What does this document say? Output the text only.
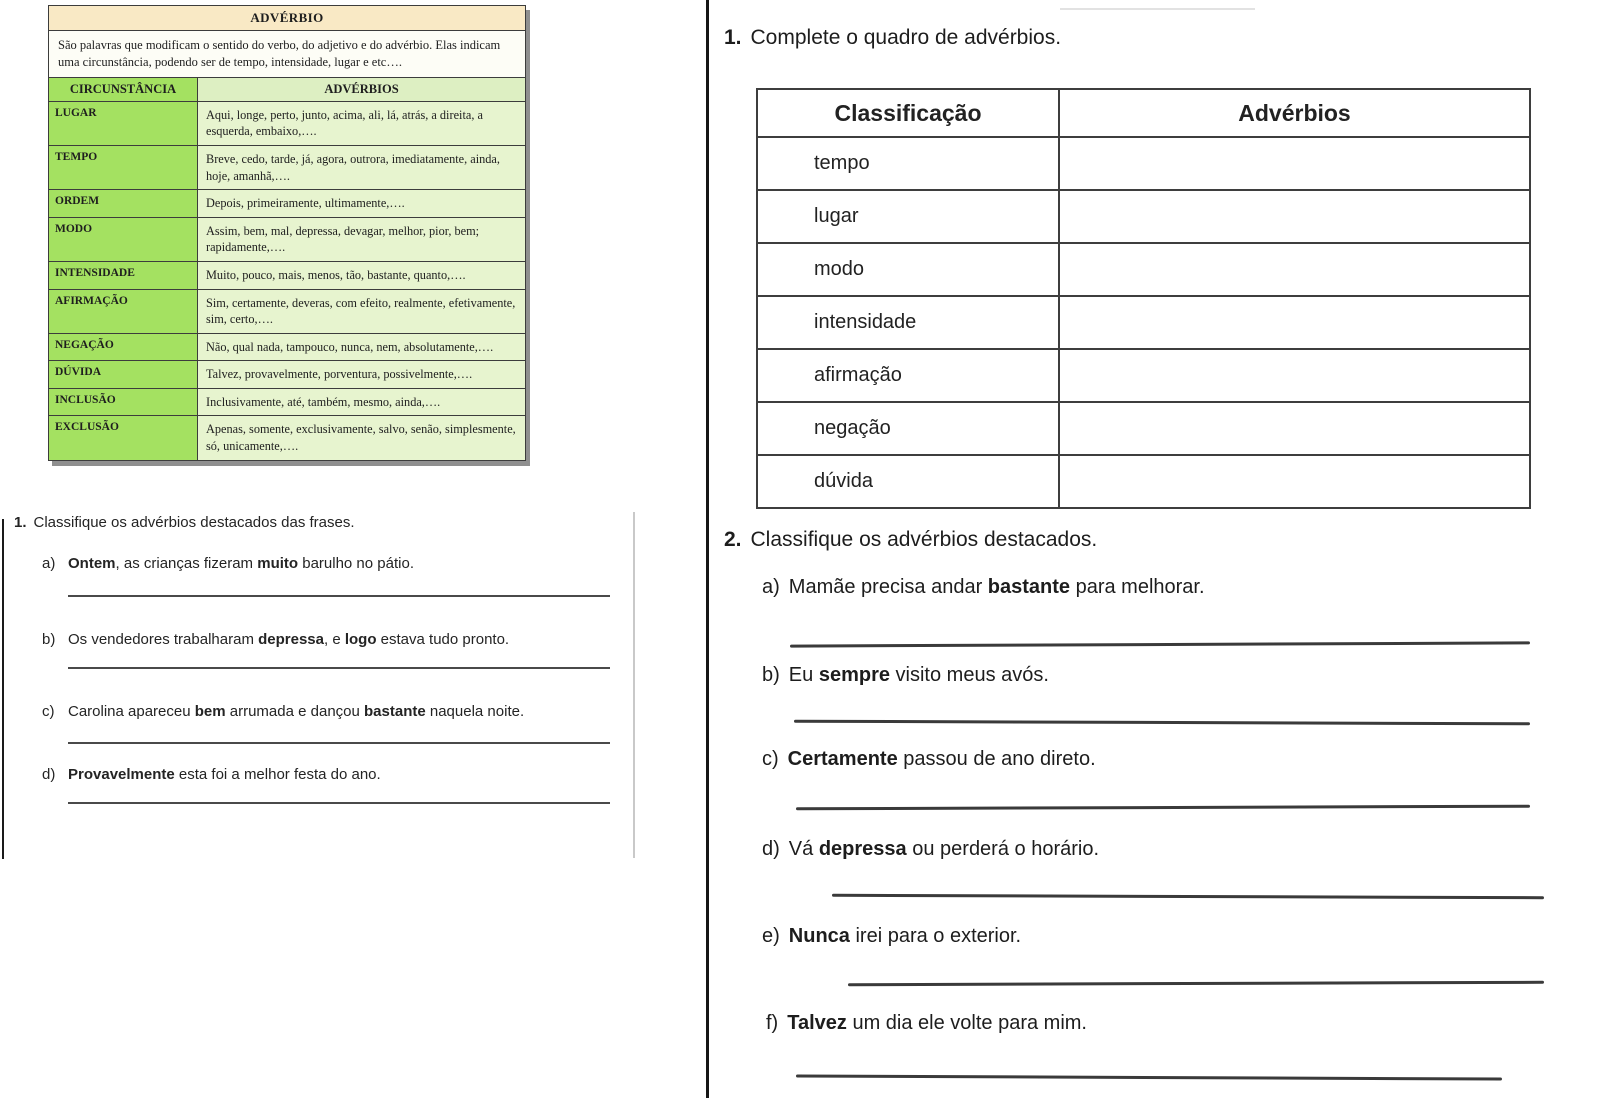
ADVÉRBIO	
São palavras que modificam o sentido do verbo, do adjetivo e do advérbio. Elas indicam uma circunstância, podendo ser de tempo, intensidade, lugar e etc….	
CIRCUNSTÂNCIA	ADVÉRBIOS
LUGAR	Aqui, longe, perto, junto, acima, ali, lá, atrás, a direita, a esquerda, embaixo,….
TEMPO	Breve, cedo, tarde, já, agora, outrora, imediatamente, ainda, hoje, amanhã,….
ORDEM	Depois, primeiramente, ultimamente,….
MODO	Assim, bem, mal, depressa, devagar, melhor, pior, bem; rapidamente,….
INTENSIDADE	Muito, pouco, mais, menos, tão, bastante, quanto,….
AFIRMAÇÃO	Sim, certamente, deveras, com efeito, realmente, efetivamente, sim, certo,….
NEGAÇÃO	Não, qual nada, tampouco, nunca, nem, absolutamente,….
DÚVIDA	Talvez, provavelmente, porventura, possivelmente,….
INCLUSÃO	Inclusivamente, até, também, mesmo, ainda,….
EXCLUSÃO	Apenas, somente, exclusivamente, salvo, senão, simplesmente, só, unicamente,….
1. Classifique os advérbios destacados das frases.
a) Ontem, as crianças fizeram muito barulho no pátio.
b) Os vendedores trabalharam depressa, e logo estava tudo pronto.
c) Carolina apareceu bem arrumada e dançou bastante naquela noite.
d) Provavelmente esta foi a melhor festa do ano.
1. Complete o quadro de advérbios.
Classificação	Advérbios
tempo	
lugar	
modo	
intensidade	
afirmação	
negação	
dúvida	
2. Classifique os advérbios destacados.
a) Mamãe precisa andar bastante para melhorar.
b) Eu sempre visito meus avós.
c) Certamente passou de ano direto.
d) Vá depressa ou perderá o horário.
e) Nunca irei para o exterior.
f) Talvez um dia ele volte para mim.
